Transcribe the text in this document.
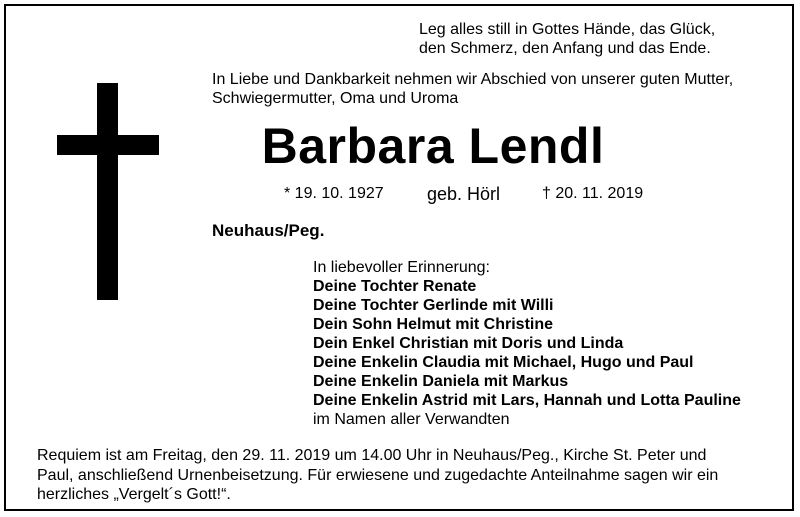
Leg alles still in Gottes Hände, das Glück,
den Schmerz, den Anfang und das Ende.
In Liebe und Dankbarkeit nehmen wir Abschied von unserer guten Mutter,
Schwiegermutter, Oma und Uroma
Barbara Lendl
* 19. 10. 1927 geb. Hörl	† 20. 11. 2019
Neuhaus/Peg.
In liebevoller Erinnerung:
Deine Tochter Renate
Deine Tochter Gerlinde mit Willi
Dein Sohn Helmut mit Christine
Dein Enkel Christian mit Doris und Linda
Deine Enkelin Claudia mit Michael, Hugo und Paul
Deine Enkelin Daniela mit Markus
Deine Enkelin Astrid mit Lars, Hannah und Lotta Pauline
im Namen aller Verwandten
Requiem ist am Freitag, den 29. 11. 2019 um 14.00 Uhr in Neuhaus/Peg., Kirche St. Peter und
Paul, anschließend Urnenbeisetzung. Für erwiesene und zugedachte Anteilnahme sagen wir ein
herzliches „Vergelt´s Gott!“.
